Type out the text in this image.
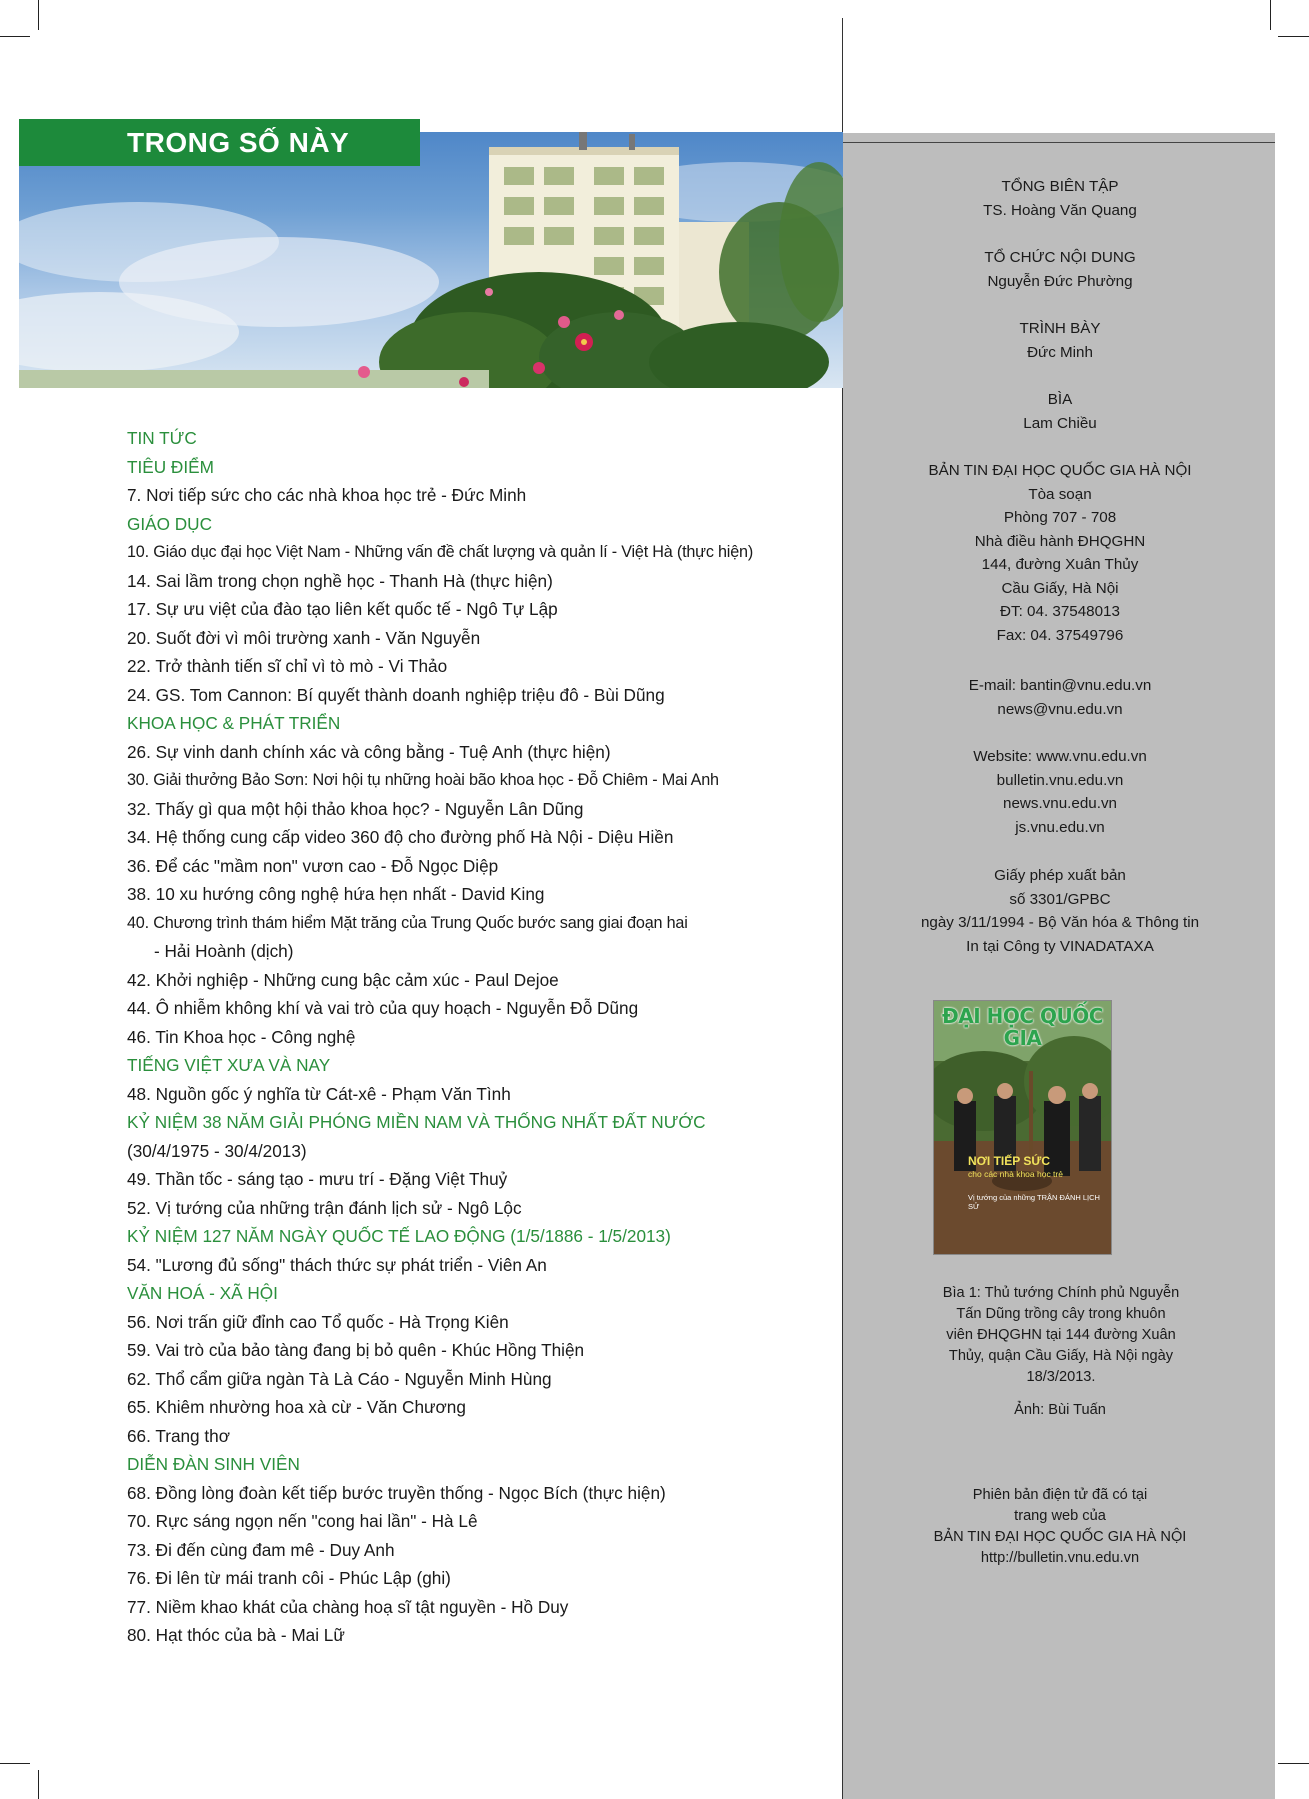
TRONG SỐ NÀY
TIN TỨC
TIÊU ĐIỂM
7. Nơi tiếp sức cho các nhà khoa học trẻ - Đức Minh
GIÁO DỤC
10. Giáo dục đại học Việt Nam - Những vấn đề chất lượng và quản lí - Việt Hà (thực hiện)
14. Sai lầm trong chọn nghề học - Thanh Hà (thực hiện)
17. Sự ưu việt của đào tạo liên kết quốc tế - Ngô Tự Lập
20. Suốt đời vì môi trường xanh - Văn Nguyễn
22. Trở thành tiến sĩ chỉ vì tò mò - Vi Thảo
24. GS. Tom Cannon: Bí quyết thành doanh nghiệp triệu đô - Bùi Dũng
KHOA HỌC & PHÁT TRIỂN
26. Sự vinh danh chính xác và công bằng - Tuệ Anh (thực hiện)
30. Giải thưởng Bảo Sơn: Nơi hội tụ những hoài bão khoa học - Đỗ Chiêm - Mai Anh
32. Thấy gì qua một hội thảo khoa học? - Nguyễn Lân Dũng
34. Hệ thống cung cấp video 360 độ cho đường phố Hà Nội - Diệu Hiền
36. Để các "mầm non" vươn cao - Đỗ Ngọc Diệp
38. 10 xu hướng công nghệ hứa hẹn nhất - David King
40. Chương trình thám hiểm Mặt trăng của Trung Quốc bước sang giai đoạn hai
- Hải Hoành (dịch)
42. Khởi nghiệp - Những cung bậc cảm xúc - Paul Dejoe
44. Ô nhiễm không khí và vai trò của quy hoạch - Nguyễn Đỗ Dũng
46. Tin Khoa học - Công nghệ
TIẾNG VIỆT XƯA VÀ NAY
48. Nguồn gốc ý nghĩa từ Cát-xê - Phạm Văn Tình
KỶ NIỆM 38 NĂM GIẢI PHÓNG MIỀN NAM VÀ THỐNG NHẤT ĐẤT NƯỚC
(30/4/1975 - 30/4/2013)
49. Thần tốc - sáng tạo - mưu trí - Đặng Việt Thuỷ
52. Vị tướng của những trận đánh lịch sử - Ngô Lộc
KỶ NIỆM 127 NĂM NGÀY QUỐC TẾ LAO ĐỘNG (1/5/1886 - 1/5/2013)
54. "Lương đủ sống" thách thức sự phát triển - Viên An
VĂN HOÁ - XÃ HỘI
56. Nơi trấn giữ đỉnh cao Tổ quốc - Hà Trọng Kiên
59. Vai trò của bảo tàng đang bị bỏ quên - Khúc Hồng Thiện
62. Thổ cẩm giữa ngàn Tà Là Cáo - Nguyễn Minh Hùng
65. Khiêm nhường hoa xà cừ - Văn Chương
66. Trang thơ
DIỄN ĐÀN SINH VIÊN
68. Đồng lòng đoàn kết tiếp bước truyền thống - Ngọc Bích (thực hiện)
70. Rực sáng ngọn nến "cong hai lần" - Hà Lê
73. Đi đến cùng đam mê - Duy Anh
76. Đi lên từ mái tranh côi - Phúc Lập (ghi)
77. Niềm khao khát của chàng hoạ sĩ tật nguyền - Hồ Duy
80. Hạt thóc của bà - Mai Lữ
TỔNG BIÊN TẬP
TS. Hoàng Văn Quang
TỔ CHỨC NỘI DUNG
Nguyễn Đức Phường
TRÌNH BÀY
Đức Minh
BÌA
Lam Chiều
BẢN TIN ĐẠI HỌC QUỐC GIA HÀ NỘI
Tòa soạn
Phòng 707 - 708
Nhà điều hành ĐHQGHN
144, đường Xuân Thủy
Cầu Giấy, Hà Nội
ĐT: 04. 37548013
Fax: 04. 37549796
E-mail: bantin@vnu.edu.vn
news@vnu.edu.vn
Website: www.vnu.edu.vn
bulletin.vnu.edu.vn
news.vnu.edu.vn
js.vnu.edu.vn
Giấy phép xuất bản
số 3301/GPBC
ngày 3/11/1994 - Bộ Văn hóa & Thông tin
In tại Công ty VINADATAXA
ĐẠI HỌC QUỐC GIA
NƠI TIẾP SỨC
cho các nhà khoa học trẻ
Vị tướng của những TRẬN ĐÁNH LỊCH SỬ
Bìa 1: Thủ tướng Chính phủ Nguyễn
Tấn Dũng trồng cây trong khuôn
viên ĐHQGHN tại 144 đường Xuân
Thủy, quận Cầu Giấy, Hà Nội ngày
18/3/2013.
Ảnh: Bùi Tuấn
Phiên bản điện tử đã có tại
trang web của
BẢN TIN ĐẠI HỌC QUỐC GIA HÀ NỘI
http://bulletin.vnu.edu.vn
